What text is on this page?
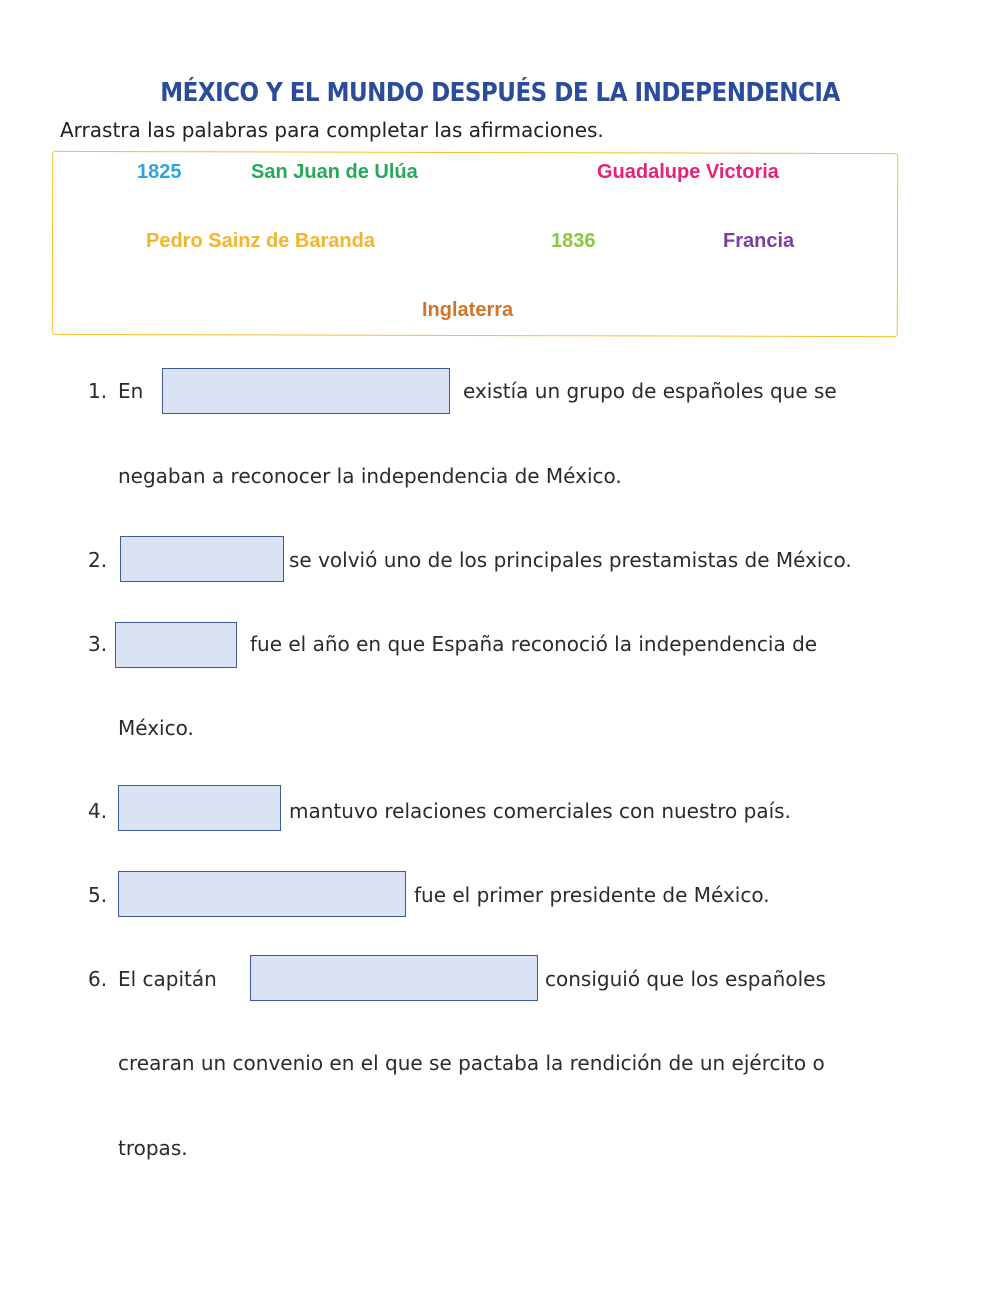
MÉXICO Y EL MUNDO DESPUÉS DE LA INDEPENDENCIA
Arrastra las palabras para completar las afirmaciones.
1825	San Juan de Ulúa	Guadalupe Victoria
Pedro Sainz de Baranda	1836	Francia
Inglaterra
1. En	existía un grupo de españoles que se
negaban a reconocer la independencia de México.
2.	se volvió uno de los principales prestamistas de México.
3.	fue el año en que España reconoció la independencia de
México.
4.	mantuvo relaciones comerciales con nuestro país.
5.	fue el primer presidente de México.
6. El capitán	consiguió que los españoles
crearan un convenio en el que se pactaba la rendición de un ejército o
tropas.
